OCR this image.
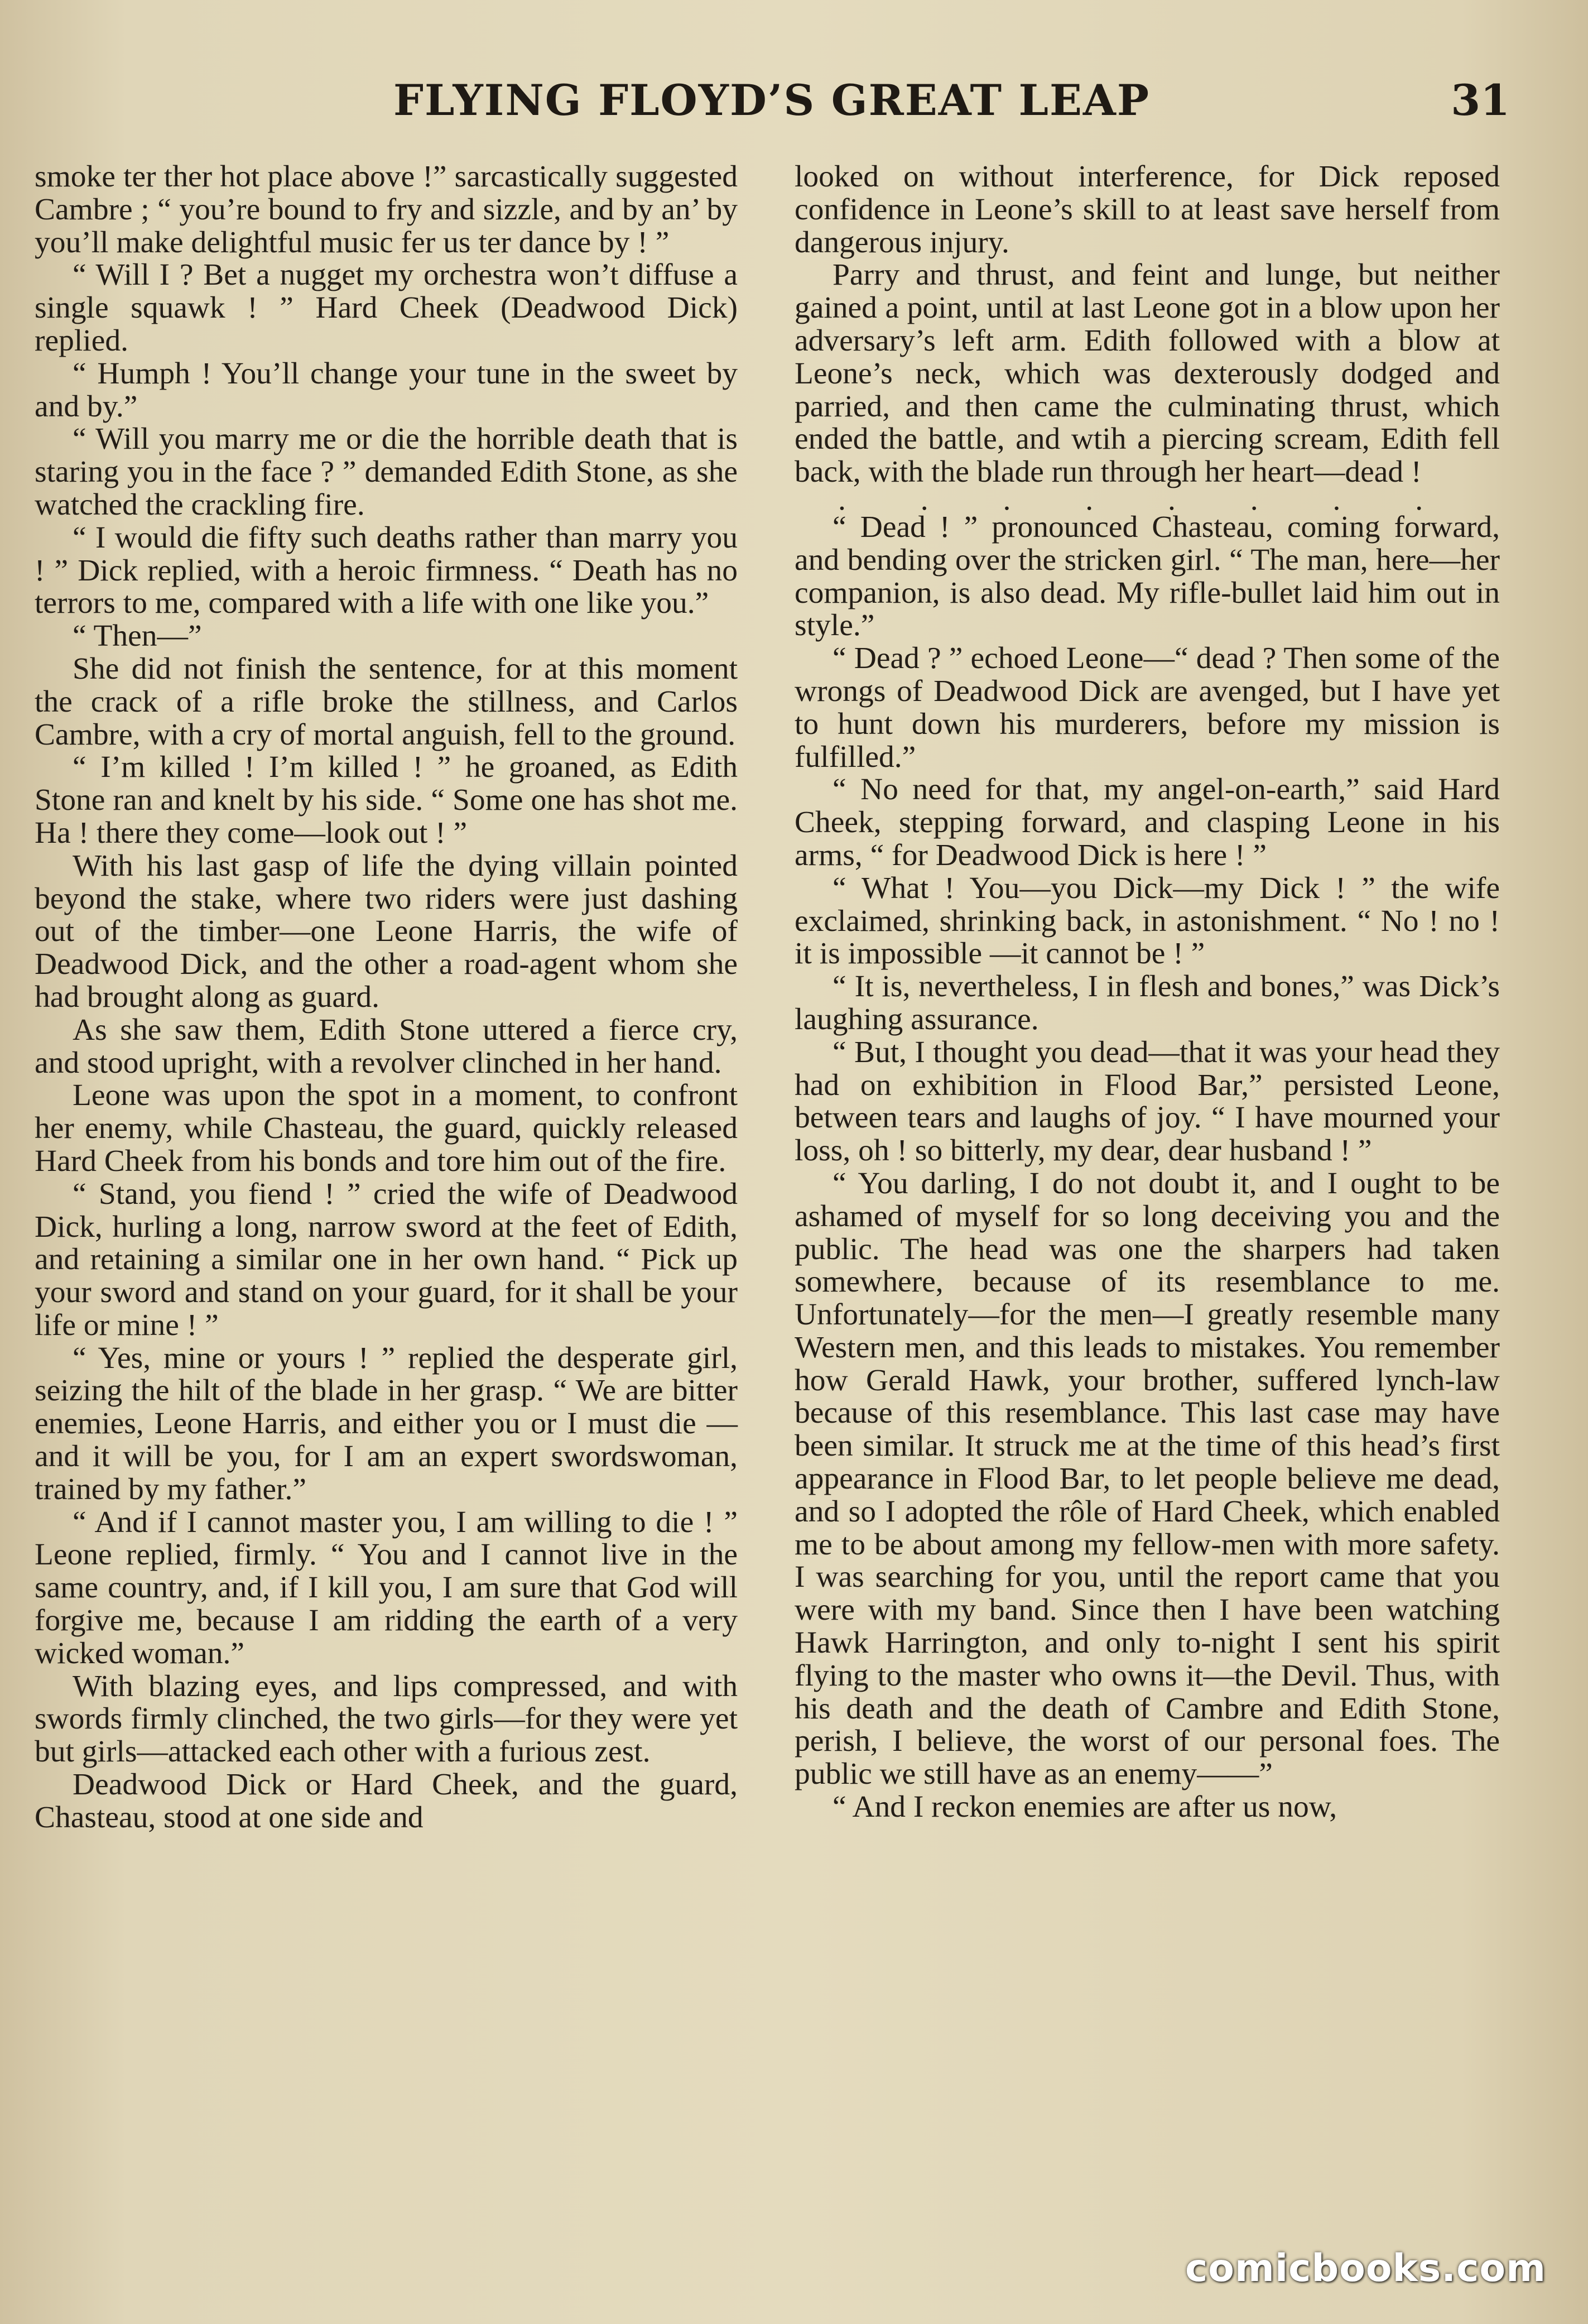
FLYING FLOYD’S GREAT LEAP	31

smoke ter ther hot place above !” sarcastically suggested Cambre ; “ you’re bound to fry and sizzle, and by an’ by you’ll make delightful music fer us ter dance by ! ”

“ Will I ? Bet a nugget my orchestra won’t diffuse a single squawk ! ” Hard Cheek (Deadwood Dick) replied.

“ Humph ! You’ll change your tune in the sweet by and by.”

“ Will you marry me or die the horrible death that is staring you in the face ? ” demanded Edith Stone, as she watched the crackling fire.

“ I would die fifty such deaths rather than marry you ! ” Dick replied, with a heroic firmness. “ Death has no terrors to me, compared with a life with one like you.”

“ Then—”

She did not finish the sentence, for at this moment the crack of a rifle broke the stillness, and Carlos Cambre, with a cry of mortal anguish, fell to the ground.

“ I’m killed ! I’m killed ! ” he groaned, as Edith Stone ran and knelt by his side. “ Some one has shot me. Ha ! there they come—look out ! ”

With his last gasp of life the dying villain pointed beyond the stake, where two riders were just dashing out of the timber—one Leone Harris, the wife of Deadwood Dick, and the other a road-agent whom she had brought along as guard.

As she saw them, Edith Stone uttered a fierce cry, and stood upright, with a revolver clinched in her hand.

Leone was upon the spot in a moment, to confront her enemy, while Chasteau, the guard, quickly released Hard Cheek from his bonds and tore him out of the fire.

“ Stand, you fiend ! ” cried the wife of Deadwood Dick, hurling a long, narrow sword at the feet of Edith, and retaining a similar one in her own hand. “ Pick up your sword and stand on your guard, for it shall be your life or mine ! ”

“ Yes, mine or yours ! ” replied the desperate girl, seizing the hilt of the blade in her grasp. “ We are bitter enemies, Leone Harris, and either you or I must die —and it will be you, for I am an expert swordswoman, trained by my father.”

“ And if I cannot master you, I am willing to die ! ” Leone replied, firmly. “ You and I cannot live in the same country, and, if I kill you, I am sure that God will forgive me, because I am ridding the earth of a very wicked woman.”

With blazing eyes, and lips compressed, and with swords firmly clinched, the two girls—for they were yet but girls—attacked each other with a furious zest.

Deadwood Dick or Hard Cheek, and the guard, Chasteau, stood at one side and

looked on without interference, for Dick reposed confidence in Leone’s skill to at least save herself from dangerous injury.

Parry and thrust, and feint and lunge, but neither gained a point, until at last Leone got in a blow upon her adversary’s left arm. Edith followed with a blow at Leone’s neck, which was dexterously dodged and parried, and then came the culminating thrust, which ended the battle, and wtih a piercing scream, Edith fell back, with the blade run through her heart—dead !

. . . . . . . .

“ Dead ! ” pronounced Chasteau, coming forward, and bending over the stricken girl. “ The man, here—her companion, is also dead. My rifle-bullet laid him out in style.”

“ Dead ? ” echoed Leone—“ dead ? Then some of the wrongs of Deadwood Dick are avenged, but I have yet to hunt down his murderers, before my mission is fulfilled.”

“ No need for that, my angel-on-earth,” said Hard Cheek, stepping forward, and clasping Leone in his arms, “ for Deadwood Dick is here ! ”

“ What ! You—you Dick—my Dick ! ” the wife exclaimed, shrinking back, in astonishment. “ No ! no ! it is impossible —it cannot be ! ”

“ It is, nevertheless, I in flesh and bones,” was Dick’s laughing assurance.

“ But, I thought you dead—that it was your head they had on exhibition in Flood Bar,” persisted Leone, between tears and laughs of joy. “ I have mourned your loss, oh ! so bitterly, my dear, dear husband ! ”

“ You darling, I do not doubt it, and I ought to be ashamed of myself for so long deceiving you and the public. The head was one the sharpers had taken somewhere, because of its resemblance to me. Unfortunately—for the men—I greatly resemble many Western men, and this leads to mistakes. You remember how Gerald Hawk, your brother, suffered lynch-law because of this resemblance. This last case may have been similar. It struck me at the time of this head’s first appearance in Flood Bar, to let people believe me dead, and so I adopted the rôle of Hard Cheek, which enabled me to be about among my fellow-men with more safety. I was searching for you, until the report came that you were with my band. Since then I have been watching Hawk Harrington, and only to-night I sent his spirit flying to the master who owns it—the Devil. Thus, with his death and the death of Cambre and Edith Stone, perish, I believe, the worst of our personal foes. The public we still have as an enemy——”

“ And I reckon enemies are after us now,

comicbooks.com
